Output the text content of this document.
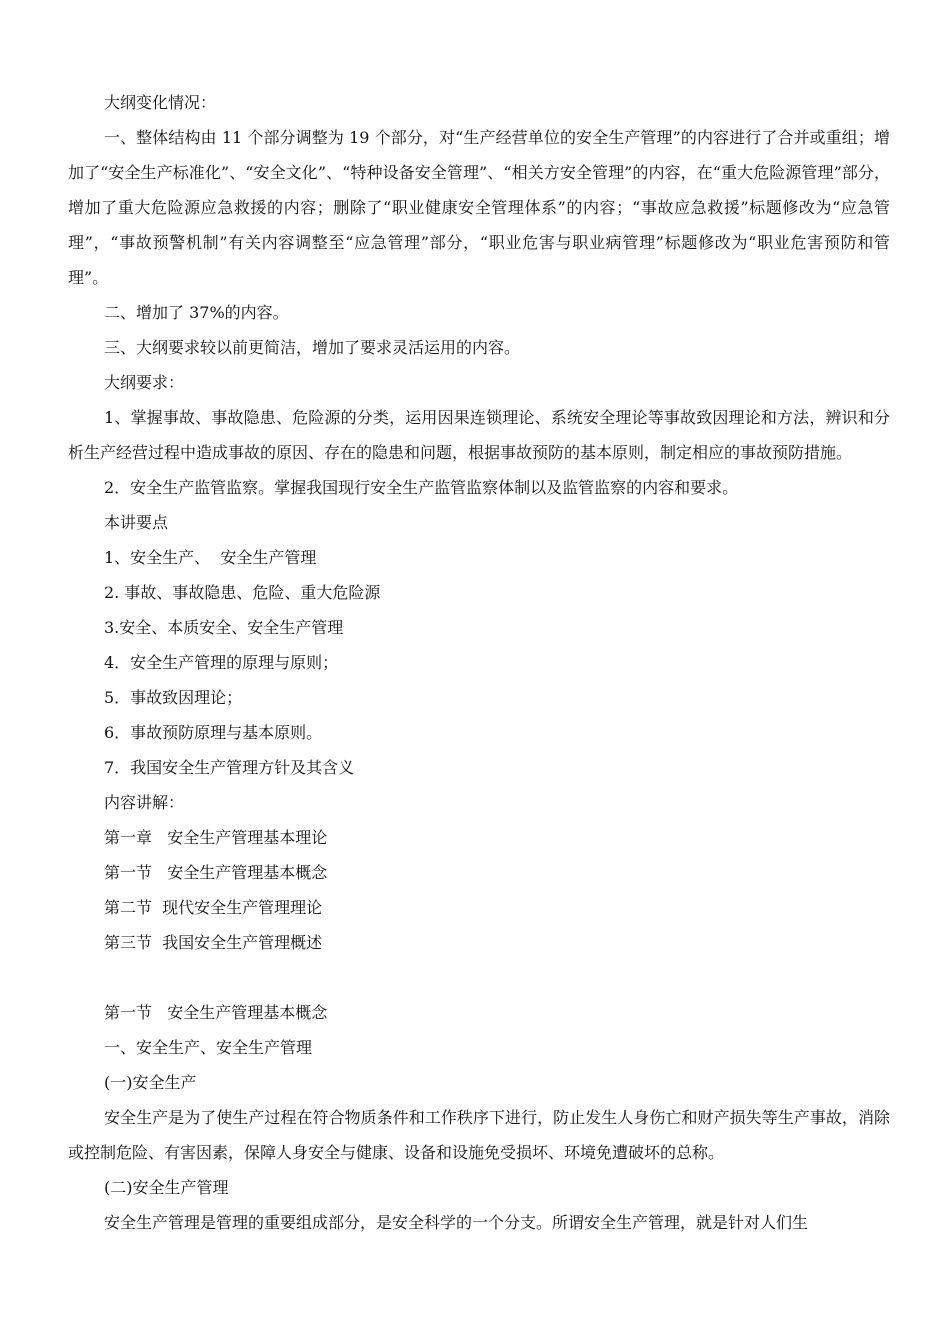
大纲变化情况：

一、整体结构由 11 个部分调整为 19 个部分，对“生产经营单位的安全生产管理”的内容进行了合并或重组；增加了“安全生产标准化”、“安全文化”、“特种设备安全管理”、“相关方安全管理”的内容，在“重大危险源管理”部分，增加了重大危险源应急救援的内容；删除了“职业健康安全管理体系”的内容；“事故应急救援”标题修改为“应急管理”，“事故预警机制”有关内容调整至“应急管理”部分，“职业危害与职业病管理”标题修改为“职业危害预防和管理”。

二、增加了 37%的内容。

三、大纲要求较以前更简洁，增加了要求灵活运用的内容。

大纲要求：

1、掌握事故、事故隐患、危险源的分类，运用因果连锁理论、系统安全理论等事故致因理论和方法，辨识和分析生产经营过程中造成事故的原因、存在的隐患和问题，根据事故预防的基本原则，制定相应的事故预防措施。

2．安全生产监管监察。掌握我国现行安全生产监管监察体制以及监管监察的内容和要求。

本讲要点

1、安全生产、  安全生产管理

2. 事故、事故隐患、危险、重大危险源

3.安全、本质安全、安全生产管理

4．安全生产管理的原理与原则；

5．事故致因理论；

6．事故预防原理与基本原则。

7．我国安全生产管理方针及其含义

内容讲解：

第一章   安全生产管理基本理论

第一节   安全生产管理基本概念

第二节  现代安全生产管理理论

第三节  我国安全生产管理概述

第一节   安全生产管理基本概念

一、安全生产、安全生产管理

(一)安全生产

安全生产是为了使生产过程在符合物质条件和工作秩序下进行，防止发生人身伤亡和财产损失等生产事故，消除或控制危险、有害因素，保障人身安全与健康、设备和设施免受损坏、环境免遭破坏的总称。

(二)安全生产管理

安全生产管理是管理的重要组成部分，是安全科学的一个分支。所谓安全生产管理，就是针对人们生
